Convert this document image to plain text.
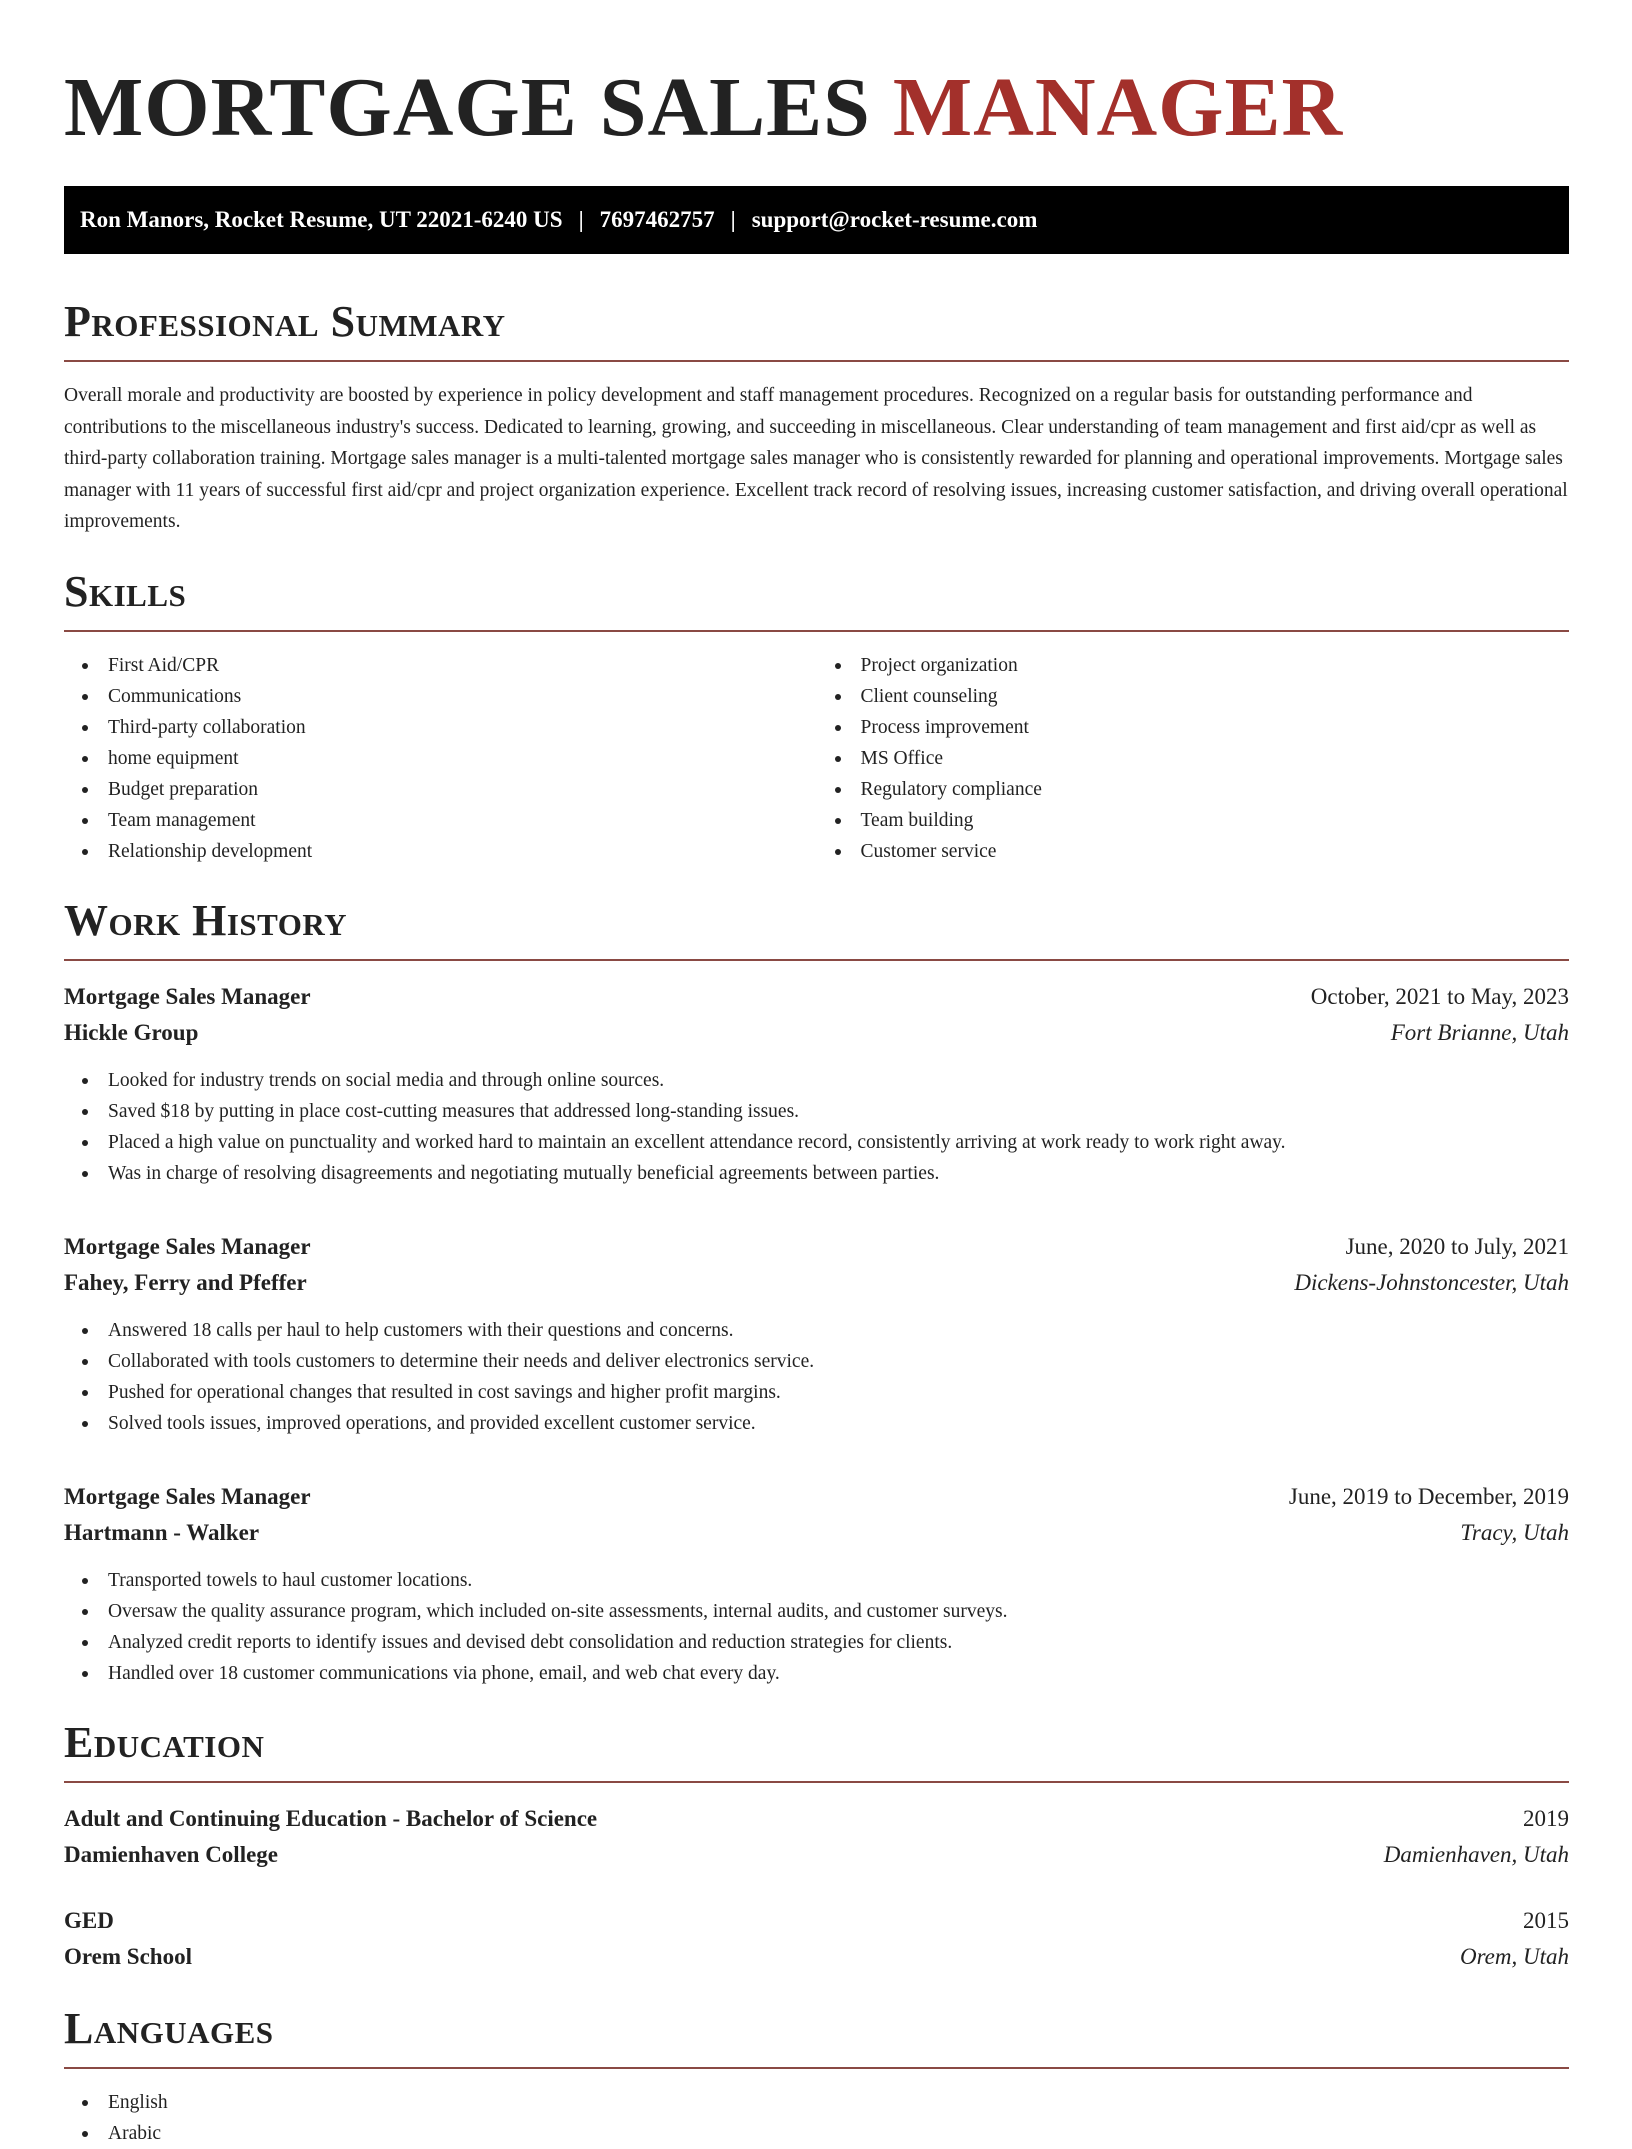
MORTGAGE SALES MANAGER
Ron Manors, Rocket Resume, UT 22021-6240 US | 7697462757 | support@rocket-resume.com
Professional Summary

Overall morale and productivity are boosted by experience in policy development and staff management procedures. Recognized on a regular basis for outstanding performance and contributions to the miscellaneous industry's success. Dedicated to learning, growing, and succeeding in miscellaneous. Clear understanding of team management and first aid/cpr as well as third-party collaboration training. Mortgage sales manager is a multi-talented mortgage sales manager who is consistently rewarded for planning and operational improvements. Mortgage sales manager with 11 years of successful first aid/cpr and project organization experience. Excellent track record of resolving issues, increasing customer satisfaction, and driving overall operational improvements.

Skills
First Aid/CPR
Communications
Third-party collaboration
home equipment
Budget preparation
Team management
Relationship development
Project organization
Client counseling
Process improvement
MS Office
Regulatory compliance
Team building
Customer service
Work History
Mortgage Sales Manager	October, 2021 to May, 2023
Hickle Group	Fort Brianne, Utah
Looked for industry trends on social media and through online sources.
Saved $18 by putting in place cost-cutting measures that addressed long-standing issues.
Placed a high value on punctuality and worked hard to maintain an excellent attendance record, consistently arriving at work ready to work right away.
Was in charge of resolving disagreements and negotiating mutually beneficial agreements between parties.
Mortgage Sales Manager	June, 2020 to July, 2021
Fahey, Ferry and Pfeffer	Dickens-Johnstoncester, Utah
Answered 18 calls per haul to help customers with their questions and concerns.
Collaborated with tools customers to determine their needs and deliver electronics service.
Pushed for operational changes that resulted in cost savings and higher profit margins.
Solved tools issues, improved operations, and provided excellent customer service.
Mortgage Sales Manager	June, 2019 to December, 2019
Hartmann - Walker	Tracy, Utah
Transported towels to haul customer locations.
Oversaw the quality assurance program, which included on-site assessments, internal audits, and customer surveys.
Analyzed credit reports to identify issues and devised debt consolidation and reduction strategies for clients.
Handled over 18 customer communications via phone, email, and web chat every day.
Education
Adult and Continuing Education - Bachelor of Science	2019
Damienhaven College	Damienhaven, Utah
GED	2015
Orem School	Orem, Utah
Languages
English
Arabic
